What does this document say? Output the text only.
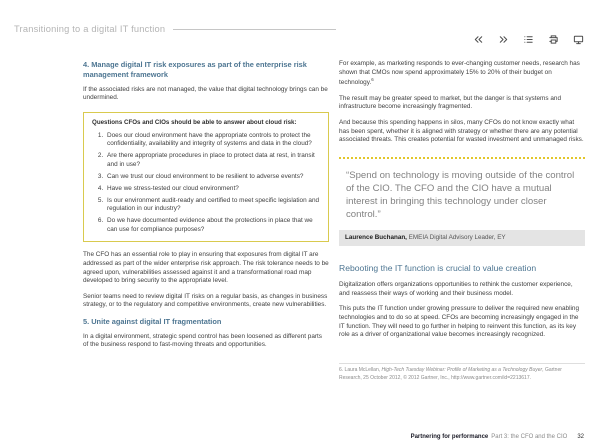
Transitioning to a digital IT function
4. Manage digital IT risk exposures as part of the enterprise risk management framework

If the associated risks are not managed, the value that digital technology brings can be undermined.

Questions CFOs and CIOs should be able to answer about cloud risk:
1. Does our cloud environment have the appropriate controls to protect the confidentiality, availability and integrity of systems and data in the cloud?
2. Are there appropriate procedures in place to protect data at rest, in transit and in use?
3. Can we trust our cloud environment to be resilient to adverse events?
4. Have we stress-tested our cloud environment?
5. Is our environment audit-ready and certified to meet specific legislation and regulation in our industry?
6. Do we have documented evidence about the protections in place that we can use for compliance purposes?

The CFO has an essential role to play in ensuring that exposures from digital IT are addressed as part of the wider enterprise risk approach. The risk tolerance needs to be agreed upon, vulnerabilities assessed against it and a transformational road map developed to bring security to the appropriate level.

Senior teams need to review digital IT risks on a regular basis, as changes in business strategy, or to the regulatory and competitive environments, create new vulnerabilities.

5. Unite against digital IT fragmentation

In a digital environment, strategic spend control has been loosened as different parts of the business respond to fast-moving threats and opportunities.

For example, as marketing responds to ever-changing customer needs, research has shown that CMOs now spend approximately 15% to 20% of their budget on technology.$^6$

The result may be greater speed to market, but the danger is that systems and infrastructure become increasingly fragmented.

And because this spending happens in silos, many CFOs do not know exactly what has been spent, whether it is aligned with strategy or whether there are any potential associated threats. This creates potential for wasted investment and unmanaged risks.

“Spend on technology is moving outside of the control of the CIO. The CFO and the CIO have a mutual interest in bringing this technology under closer control.”

Laurence Buchanan, EMEIA Digital Advisory Leader, EY
Rebooting the IT function is crucial to value creation

Digitalization offers organizations opportunities to rethink the customer experience, and reassess their ways of working and their business model.

This puts the IT function under growing pressure to deliver the required new enabling technologies and to do so at speed. CFOs are becoming increasingly engaged in the IT function. They will need to go further in helping to reinvent this function, as its key role as a driver of organizational value becomes increasingly recognized.

6. Laura McLellan, High-Tech Tuesday Webinar: Profile of Marketing as a Technology Buyer, Gartner Research, 25 October 2012, © 2012 Gartner, Inc., http://www.gartner.com/id=2213617.
Partnering for performance Part 3: the CFO and the CIO 32
